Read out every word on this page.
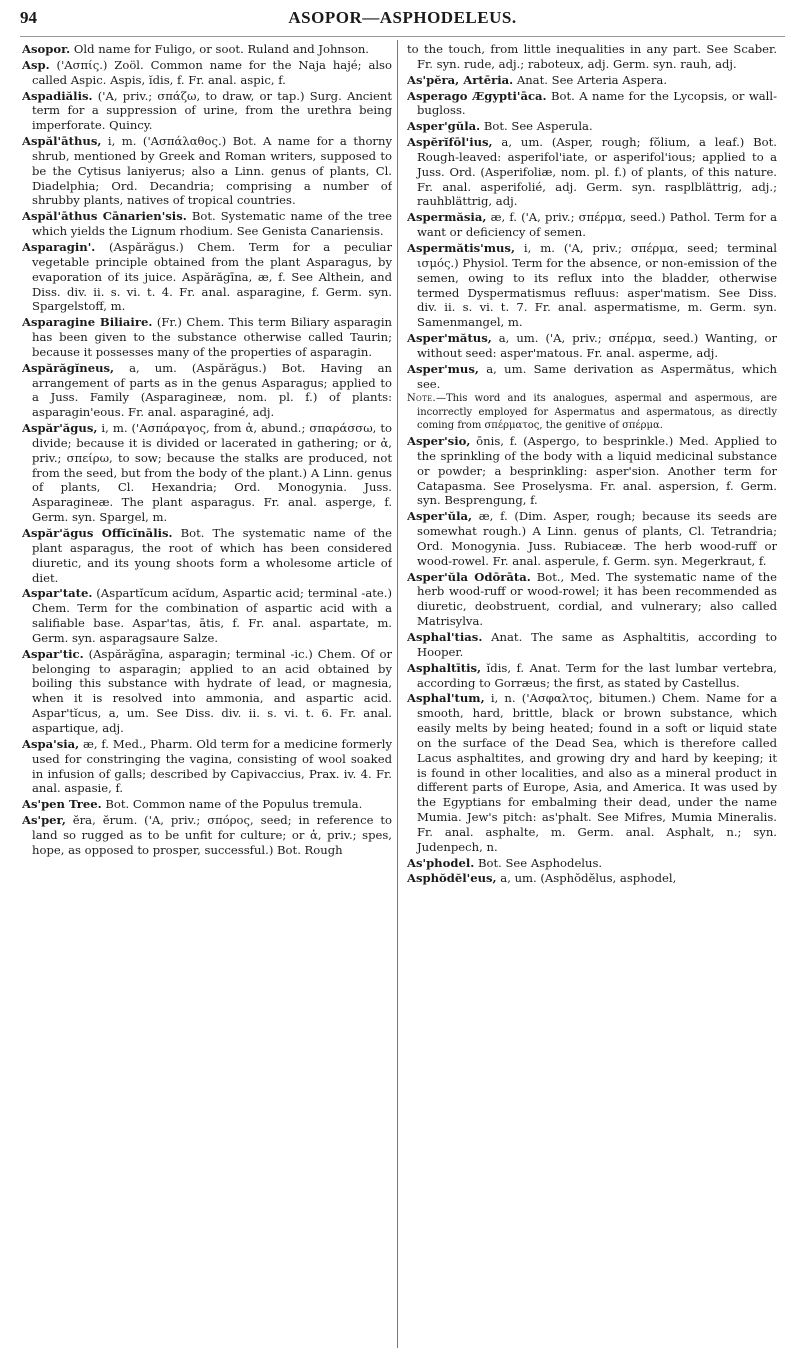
94	ASOPOR—ASPHODELEUS.

Asopor. Old name for Fuligo, or soot. Ruland and Johnson.

Asp. ('Ασπίς.) Zoöl. Common name for the Naja hajé; also called Aspic. Aspis, ĭdis, f. Fr. anal. aspic, f.

Aspadiălis. ('A, priv.; σπάζω, to draw, or tap.) Surg. Ancient term for a suppression of urine, from the urethra being imperforate. Quincy.

Aspăl'āthus, i, m. ('Ασπάλαθος.) Bot. A name for a thorny shrub, mentioned by Greek and Roman writers, supposed to be the Cytisus laniyerus; also a Linn. genus of plants, Cl. Diadelphia; Ord. Decandria; comprising a number of shrubby plants, natives of tropical countries.

Aspăl'āthus Cānarien'sis. Bot. Systematic name of the tree which yields the Lignum rhodium. See Genista Canariensis.

Asparagin'. (Aspărăgus.) Chem. Term for a peculiar vegetable principle obtained from the plant Asparagus, by evaporation of its juice. Aspărăgīna, æ, f. See Althein, and Diss. div. ii. s. vi. t. 4. Fr. anal. asparagine, f. Germ. syn. Spargelstoff, m.

Asparagine Biliaire. (Fr.) Chem. This term Biliary asparagin has been given to the substance otherwise called Taurin; because it possesses many of the properties of asparagin.

Aspărăgĭneus, a, um. (Aspărăgus.) Bot. Having an arrangement of parts as in the genus Asparagus; applied to a Juss. Family (Asparagineæ, nom. pl. f.) of plants: asparagin'eous. Fr. anal. asparaginé, adj.

Aspăr'ăgus, i, m. ('Ασπάραγος, from ἀ, abund.; σπαράσσω, to divide; because it is divided or lacerated in gathering; or ἀ, priv.; σπείρω, to sow; because the stalks are produced, not from the seed, but from the body of the plant.) A Linn. genus of plants, Cl. Hexandria; Ord. Monogynia. Juss. Asparagineæ. The plant asparagus. Fr. anal. asperge, f. Germ. syn. Spargel, m.

Aspăr'ăgus Offĭcĭnālis. Bot. The systematic name of the plant asparagus, the root of which has been considered diuretic, and its young shoots form a wholesome article of diet.

Aspar'tate. (Aspartĭcum acĭdum, Aspartic acid; terminal -ate.) Chem. Term for the combination of aspartic acid with a salifiable base. Aspar'tas, ātis, f. Fr. anal. aspartate, m. Germ. syn. asparagsaure Salze.

Aspar'tic. (Aspărăgīna, asparagin; terminal -ic.) Chem. Of or belonging to asparagin; applied to an acid obtained by boiling this substance with hydrate of lead, or magnesia, when it is resolved into ammonia, and aspartic acid. Aspar'tĭcus, a, um. See Diss. div. ii. s. vi. t. 6. Fr. anal. aspartique, adj.

Aspa'sia, æ, f. Med., Pharm. Old term for a medicine formerly used for constringing the vagina, consisting of wool soaked in infusion of galls; described by Capivaccius, Prax. iv. 4. Fr. anal. aspasie, f.

As'pen Tree. Bot. Common name of the Populus tremula.

As'per, ĕra, ĕrum. ('A, priv.; σπόρος, seed; in reference to land so rugged as to be unfit for culture; or ἀ, priv.; spes, hope, as opposed to prosper, successful.) Bot. Rough

to the touch, from little inequalities in any part. See Scaber. Fr. syn. rude, adj.; raboteux, adj. Germ. syn. rauh, adj.

As'pĕra, Artēria. Anat. See Arteria Aspera.

Asperago Ægypti'āca. Bot. A name for the Lycopsis, or wall-bugloss.

Asper'gŭla. Bot. See Asperula.

Aspĕrĭfōl'ius, a, um. (Asper, rough; fŏlium, a leaf.) Bot. Rough-leaved: asperifol'iate, or asperifol'ious; applied to a Juss. Ord. (Asperifoliæ, nom. pl. f.) of plants, of this nature. Fr. anal. asperifolié, adj. Germ. syn. rasplblättrig, adj.; rauhblättrig, adj.

Aspermăsia, æ, f. ('A, priv.; σπέρμα, seed.) Pathol. Term for a want or deficiency of semen.

Aspermătis'mus, i, m. ('A, priv.; σπέρμα, seed; terminal ισμός.) Physiol. Term for the absence, or non-emission of the semen, owing to its reflux into the bladder, otherwise termed Dyspermatismus refluus: asper'matism. See Diss. div. ii. s. vi. t. 7. Fr. anal. aspermatisme, m. Germ. syn. Samenmangel, m.

Asper'mătus, a, um. ('A, priv.; σπέρμα, seed.) Wanting, or without seed: asper'matous. Fr. anal. asperme, adj.

Asper'mus, a, um. Same derivation as Aspermătus, which see.

Note.—This word and its analogues, aspermal and aspermous, are incorrectly employed for Aspermatus and aspermatous, as directly coming from σπέρματος, the genitive of σπέρμα.

Asper'sio, ōnis, f. (Aspergo, to besprinkle.) Med. Applied to the sprinkling of the body with a liquid medicinal substance or powder; a besprinkling: asper'sion. Another term for Catapasma. See Proselysma. Fr. anal. aspersion, f. Germ. syn. Besprengung, f.

Asper'ŭla, æ, f. (Dim. Asper, rough; because its seeds are somewhat rough.) A Linn. genus of plants, Cl. Tetrandria; Ord. Monogynia. Juss. Rubiaceæ. The herb wood-ruff or wood-rowel. Fr. anal. asperule, f. Germ. syn. Megerkraut, f.

Asper'ŭla Odōrāta. Bot., Med. The systematic name of the herb wood-ruff or wood-rowel; it has been recommended as diuretic, deobstruent, cordial, and vulnerary; also called Matrisylva.

Asphal'tias. Anat. The same as Asphaltitis, according to Hooper.

Asphaltītis, ĭdis, f. Anat. Term for the last lumbar vertebra, according to Gorræus; the first, as stated by Castellus.

Asphal'tum, i, n. ('Ασφαλτος, bitumen.) Chem. Name for a smooth, hard, brittle, black or brown substance, which easily melts by being heated; found in a soft or liquid state on the surface of the Dead Sea, which is therefore called Lacus asphaltites, and growing dry and hard by keeping; it is found in other localities, and also as a mineral product in different parts of Europe, Asia, and America. It was used by the Egyptians for embalming their dead, under the name Mumia. Jew's pitch: as'phalt. See Mifres, Mumia Mineralis. Fr. anal. asphalte, m. Germ. anal. Asphalt, n.; syn. Judenpech, n.

As'phodel. Bot. See Asphodelus.

Asphŏdĕl'eus, a, um. (Asphŏdĕlus, asphodel,
